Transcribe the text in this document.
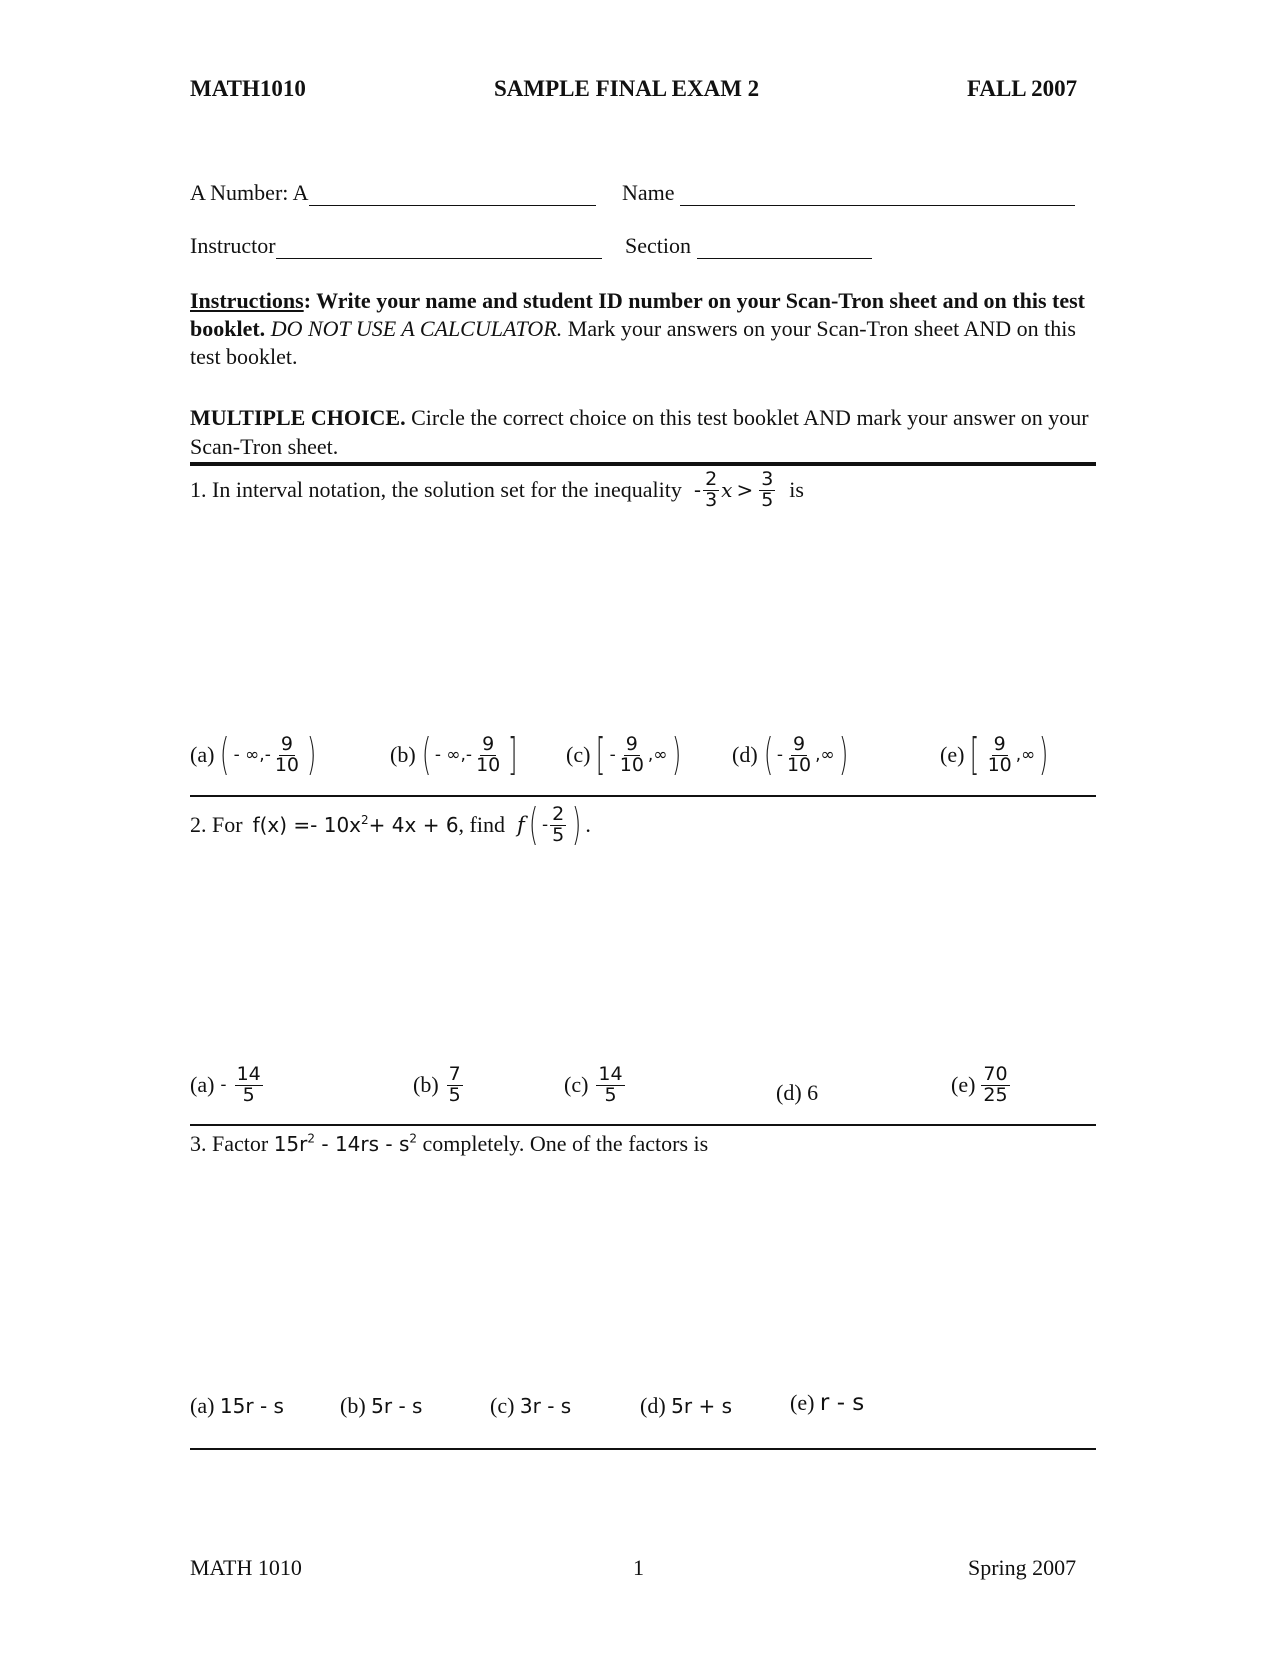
MATH1010	SAMPLE FINAL EXAM 2	FALL 2007
A Number: A	Name
Instructor	Section
Instructions: Write your name and student ID number on your Scan-Tron sheet and on this test booklet. DO NOT USE A CALCULATOR. Mark your answers on your Scan-Tron sheet AND on this test booklet.
MULTIPLE CHOICE. Circle the correct choice on this test booklet AND mark your answer on your Scan-Tron sheet.
1. In interval notation, the solution set for the inequality - $\frac{2}{3}$ $x > \frac{3}{5}$ is
(a) ( - ∞,- $\frac{9}{10}$ )	(b) ( - ∞,- $\frac{9}{10}$ ] (c) [ - $\frac{9}{10}$ ,∞ ) (d) ( - $\frac{9}{10}$ ,∞ )	(e) [ $\frac{9}{10}$ ,∞ )
2. For $f(x) =- 10x^2 + 4x + 6$ , find f ( - $\frac{2}{5}$ ) .
$(a) - \frac{14}{5}$	$(b) \frac{7}{5}$	$(c) \frac{14}{5}$	(d) 6	$(e) \frac{70}{25}$
3. Factor $15r^2 - 14rs - s^2$ completely. One of the factors is
(a) 15r - s	(b) 5r - s	(c) 3r - s	(d) 5r + s	(e) r - s
MATH 1010	1	Spring 2007
